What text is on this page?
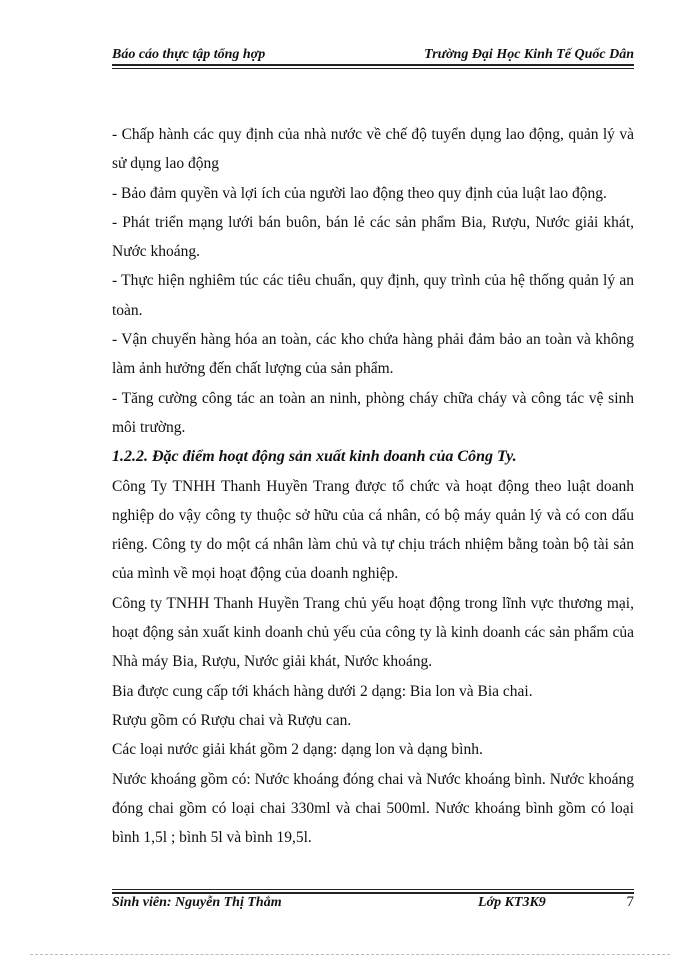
Báo cáo thực tập tổng hợp	Trường Đại Học Kinh Tế Quốc Dân

- Chấp hành các quy định của nhà nước về chế độ tuyển dụng lao động, quản lý và sử dụng lao động

- Bảo đảm quyền và lợi ích của người lao động theo quy định của luật lao động.

- Phát triển mạng lưới bán buôn, bán lẻ các sản phẩm Bia, Rượu, Nước giải khát, Nước khoáng.

- Thực hiện nghiêm túc các tiêu chuẩn, quy định, quy trình của hệ thống quản lý an toàn.

- Vận chuyển hàng hóa an toàn, các kho chứa hàng phải đảm bảo an toàn và không làm ảnh hưởng đến chất lượng của sản phẩm.

- Tăng cường công tác an toàn an ninh, phòng cháy chữa cháy và công tác vệ sinh môi trường.

1.2.2. Đặc điểm hoạt động sản xuất kinh doanh của Công Ty.

Công Ty TNHH Thanh Huyền Trang được tổ chức và hoạt động theo luật doanh nghiệp do vậy công ty thuộc sở hữu của cá nhân, có bộ máy quản lý và có con dấu riêng. Công ty do một cá nhân làm chủ và tự chịu trách nhiệm bằng toàn bộ tài sản của mình về mọi hoạt động của doanh nghiệp.

Công ty TNHH Thanh Huyền Trang chủ yếu hoạt động trong lĩnh vực thương mại, hoạt động sản xuất kinh doanh chủ yếu của công ty là kinh doanh các sản phẩm của Nhà máy Bia, Rượu, Nước giải khát, Nước khoáng.

Bia được cung cấp tới khách hàng dưới 2 dạng: Bia lon và Bia chai.

Rượu gồm có Rượu chai và Rượu can.

Các loại nước giải khát gồm 2 dạng: dạng lon và dạng bình.

Nước khoáng gồm có: Nước khoáng đóng chai và Nước khoáng bình. Nước khoáng đóng chai gồm có loại chai 330ml và chai 500ml. Nước khoáng bình gồm có loại bình 1,5l ; bình 5l và bình 19,5l.

Sinh viên: Nguyễn Thị Thắm	Lớp KT3K9	7
